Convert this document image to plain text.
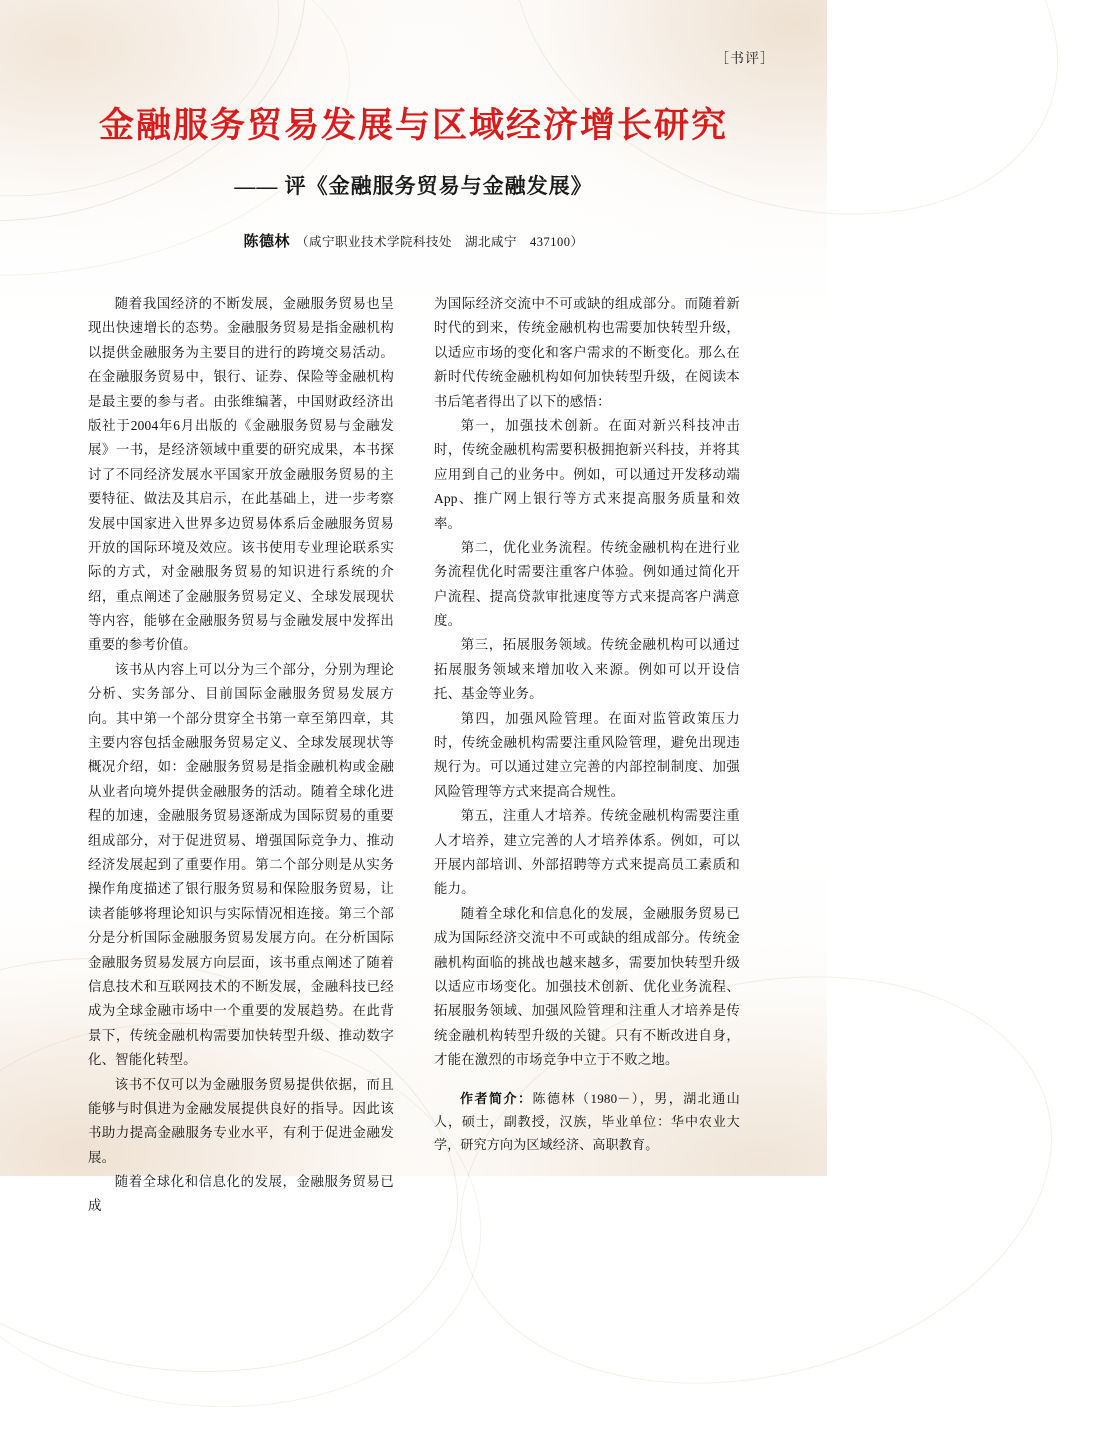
［书评］
金融服务贸易发展与区域经济增长研究
—— 评《金融服务贸易与金融发展》
陈德林 （咸宁职业技术学院科技处　湖北咸宁　437100）

随着我国经济的不断发展，金融服务贸易也呈现出快速增长的态势。金融服务贸易是指金融机构以提供金融服务为主要目的进行的跨境交易活动。在金融服务贸易中，银行、证券、保险等金融机构是最主要的参与者。由张维编著，中国财政经济出版社于2004年6月出版的《金融服务贸易与金融发展》一书，是经济领域中重要的研究成果，本书探讨了不同经济发展水平国家开放金融服务贸易的主要特征、做法及其启示，在此基础上，进一步考察发展中国家进入世界多边贸易体系后金融服务贸易开放的国际环境及效应。该书使用专业理论联系实际的方式，对金融服务贸易的知识进行系统的介绍，重点阐述了金融服务贸易定义、全球发展现状等内容，能够在金融服务贸易与金融发展中发挥出重要的参考价值。

该书从内容上可以分为三个部分，分别为理论分析、实务部分、目前国际金融服务贸易发展方向。其中第一个部分贯穿全书第一章至第四章，其主要内容包括金融服务贸易定义、全球发展现状等概况介绍，如：金融服务贸易是指金融机构或金融从业者向境外提供金融服务的活动。随着全球化进程的加速，金融服务贸易逐渐成为国际贸易的重要组成部分，对于促进贸易、增强国际竞争力、推动经济发展起到了重要作用。第二个部分则是从实务操作角度描述了银行服务贸易和保险服务贸易，让读者能够将理论知识与实际情况相连接。第三个部分是分析国际金融服务贸易发展方向。在分析国际金融服务贸易发展方向层面，该书重点阐述了随着信息技术和互联网技术的不断发展，金融科技已经成为全球金融市场中一个重要的发展趋势。在此背景下，传统金融机构需要加快转型升级、推动数字化、智能化转型。

该书不仅可以为金融服务贸易提供依据，而且能够与时俱进为金融发展提供良好的指导。因此该书助力提高金融服务专业水平，有利于促进金融发展。

随着全球化和信息化的发展，金融服务贸易已成

为国际经济交流中不可或缺的组成部分。而随着新时代的到来，传统金融机构也需要加快转型升级，以适应市场的变化和客户需求的不断变化。那么在新时代传统金融机构如何加快转型升级，在阅读本书后笔者得出了以下的感悟：

第一，加强技术创新。在面对新兴科技冲击时，传统金融机构需要积极拥抱新兴科技，并将其应用到自己的业务中。例如，可以通过开发移动端App、推广网上银行等方式来提高服务质量和效率。

第二，优化业务流程。传统金融机构在进行业务流程优化时需要注重客户体验。例如通过简化开户流程、提高贷款审批速度等方式来提高客户满意度。

第三，拓展服务领域。传统金融机构可以通过拓展服务领域来增加收入来源。例如可以开设信托、基金等业务。

第四，加强风险管理。在面对监管政策压力时，传统金融机构需要注重风险管理，避免出现违规行为。可以通过建立完善的内部控制制度、加强风险管理等方式来提高合规性。

第五，注重人才培养。传统金融机构需要注重人才培养，建立完善的人才培养体系。例如，可以开展内部培训、外部招聘等方式来提高员工素质和能力。

随着全球化和信息化的发展，金融服务贸易已成为国际经济交流中不可或缺的组成部分。传统金融机构面临的挑战也越来越多，需要加快转型升级以适应市场变化。加强技术创新、优化业务流程、拓展服务领域、加强风险管理和注重人才培养是传统金融机构转型升级的关键。只有不断改进自身，才能在激烈的市场竞争中立于不败之地。

作者简介：陈德林（1980－），男，湖北通山人，硕士，副教授，汉族，毕业单位：华中农业大学，研究方向为区域经济、高职教育。
